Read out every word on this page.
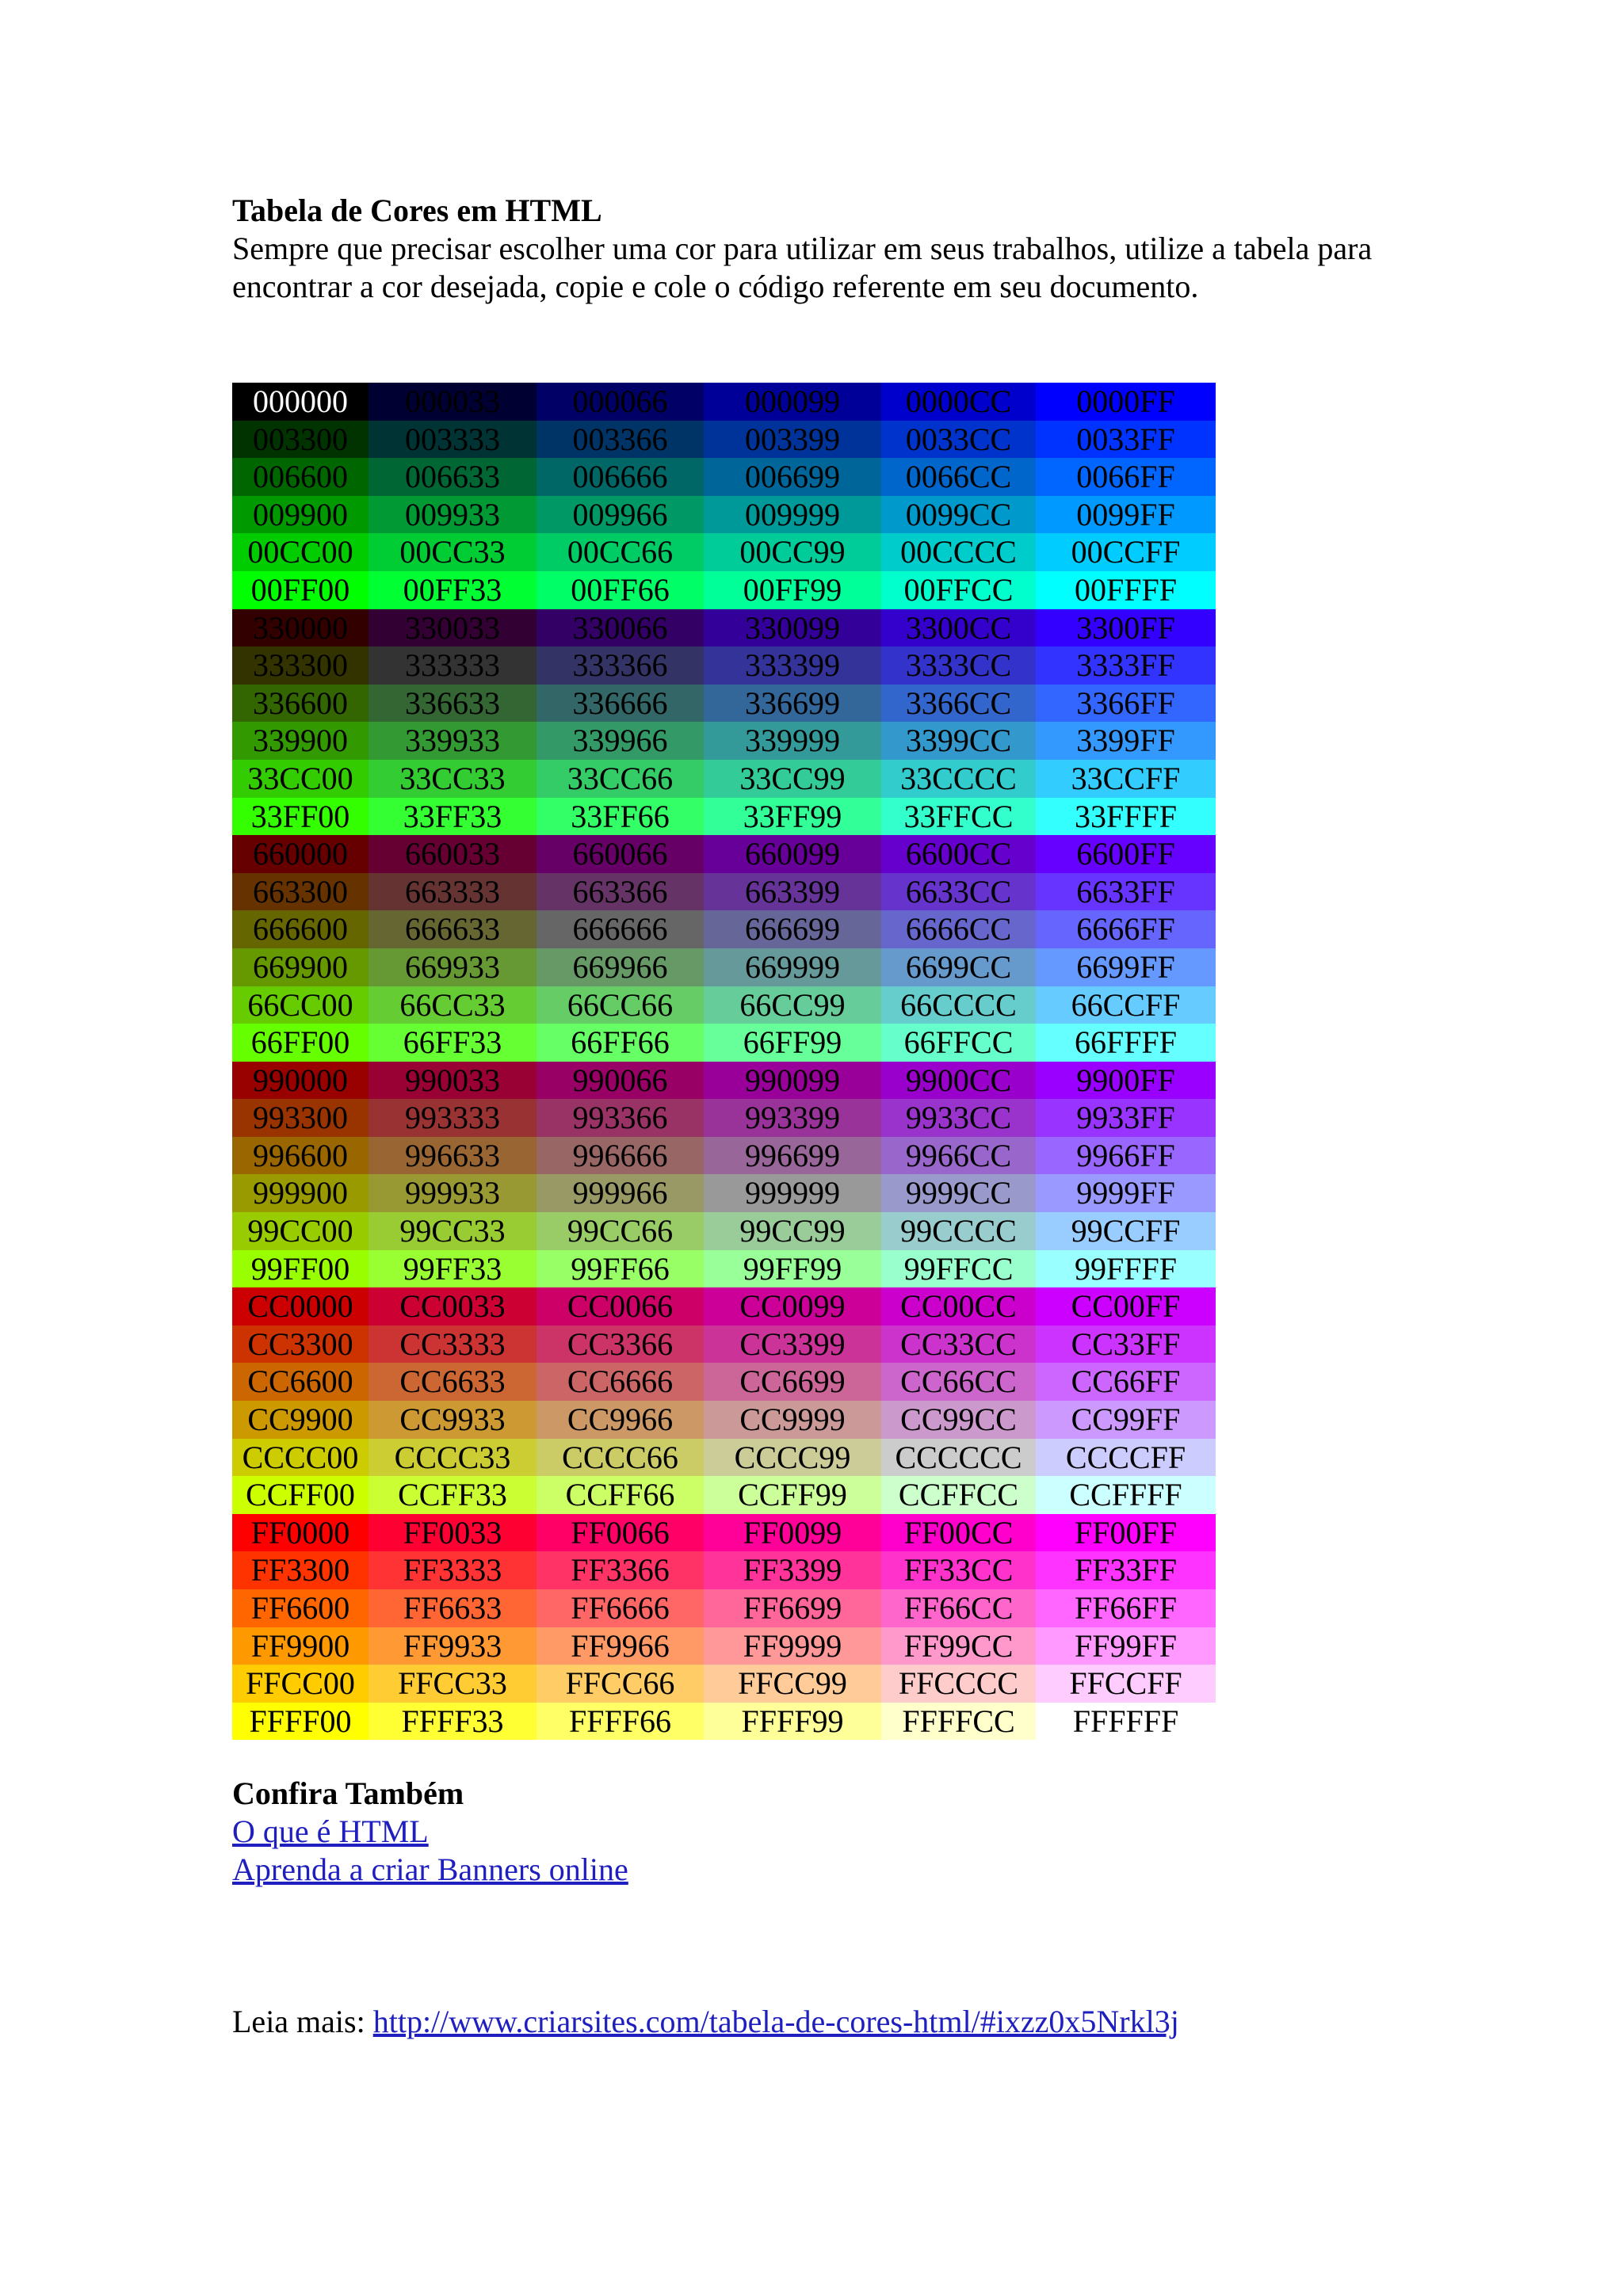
Tabela de Cores em HTML

Sempre que precisar escolher uma cor para utilizar em seus trabalhos, utilize a tabela para encontrar a cor desejada, copie e cole o código referente em seu documento.

000000	000033	000066	000099	0000CC	0000FF
003300	003333	003366	003399	0033CC	0033FF
006600	006633	006666	006699	0066CC	0066FF
009900	009933	009966	009999	0099CC	0099FF
00CC00	00CC33	00CC66	00CC99	00CCCC	00CCFF
00FF00	00FF33	00FF66	00FF99	00FFCC	00FFFF
330000	330033	330066	330099	3300CC	3300FF
333300	333333	333366	333399	3333CC	3333FF
336600	336633	336666	336699	3366CC	3366FF
339900	339933	339966	339999	3399CC	3399FF
33CC00	33CC33	33CC66	33CC99	33CCCC	33CCFF
33FF00	33FF33	33FF66	33FF99	33FFCC	33FFFF
660000	660033	660066	660099	6600CC	6600FF
663300	663333	663366	663399	6633CC	6633FF
666600	666633	666666	666699	6666CC	6666FF
669900	669933	669966	669999	6699CC	6699FF
66CC00	66CC33	66CC66	66CC99	66CCCC	66CCFF
66FF00	66FF33	66FF66	66FF99	66FFCC	66FFFF
990000	990033	990066	990099	9900CC	9900FF
993300	993333	993366	993399	9933CC	9933FF
996600	996633	996666	996699	9966CC	9966FF
999900	999933	999966	999999	9999CC	9999FF
99CC00	99CC33	99CC66	99CC99	99CCCC	99CCFF
99FF00	99FF33	99FF66	99FF99	99FFCC	99FFFF
CC0000	CC0033	CC0066	CC0099	CC00CC	CC00FF
CC3300	CC3333	CC3366	CC3399	CC33CC	CC33FF
CC6600	CC6633	CC6666	CC6699	CC66CC	CC66FF
CC9900	CC9933	CC9966	CC9999	CC99CC	CC99FF
CCCC00	CCCC33	CCCC66	CCCC99	CCCCCC	CCCCFF
CCFF00	CCFF33	CCFF66	CCFF99	CCFFCC	CCFFFF
FF0000	FF0033	FF0066	FF0099	FF00CC	FF00FF
FF3300	FF3333	FF3366	FF3399	FF33CC	FF33FF
FF6600	FF6633	FF6666	FF6699	FF66CC	FF66FF
FF9900	FF9933	FF9966	FF9999	FF99CC	FF99FF
FFCC00	FFCC33	FFCC66	FFCC99	FFCCCC	FFCCFF
FFFF00	FFFF33	FFFF66	FFFF99	FFFFCC	FFFFFF
Confira Também
O que é HTML
Aprenda a criar Banners online
Leia mais: http://www.criarsites.com/tabela-de-cores-html/#ixzz0x5Nrkl3j
